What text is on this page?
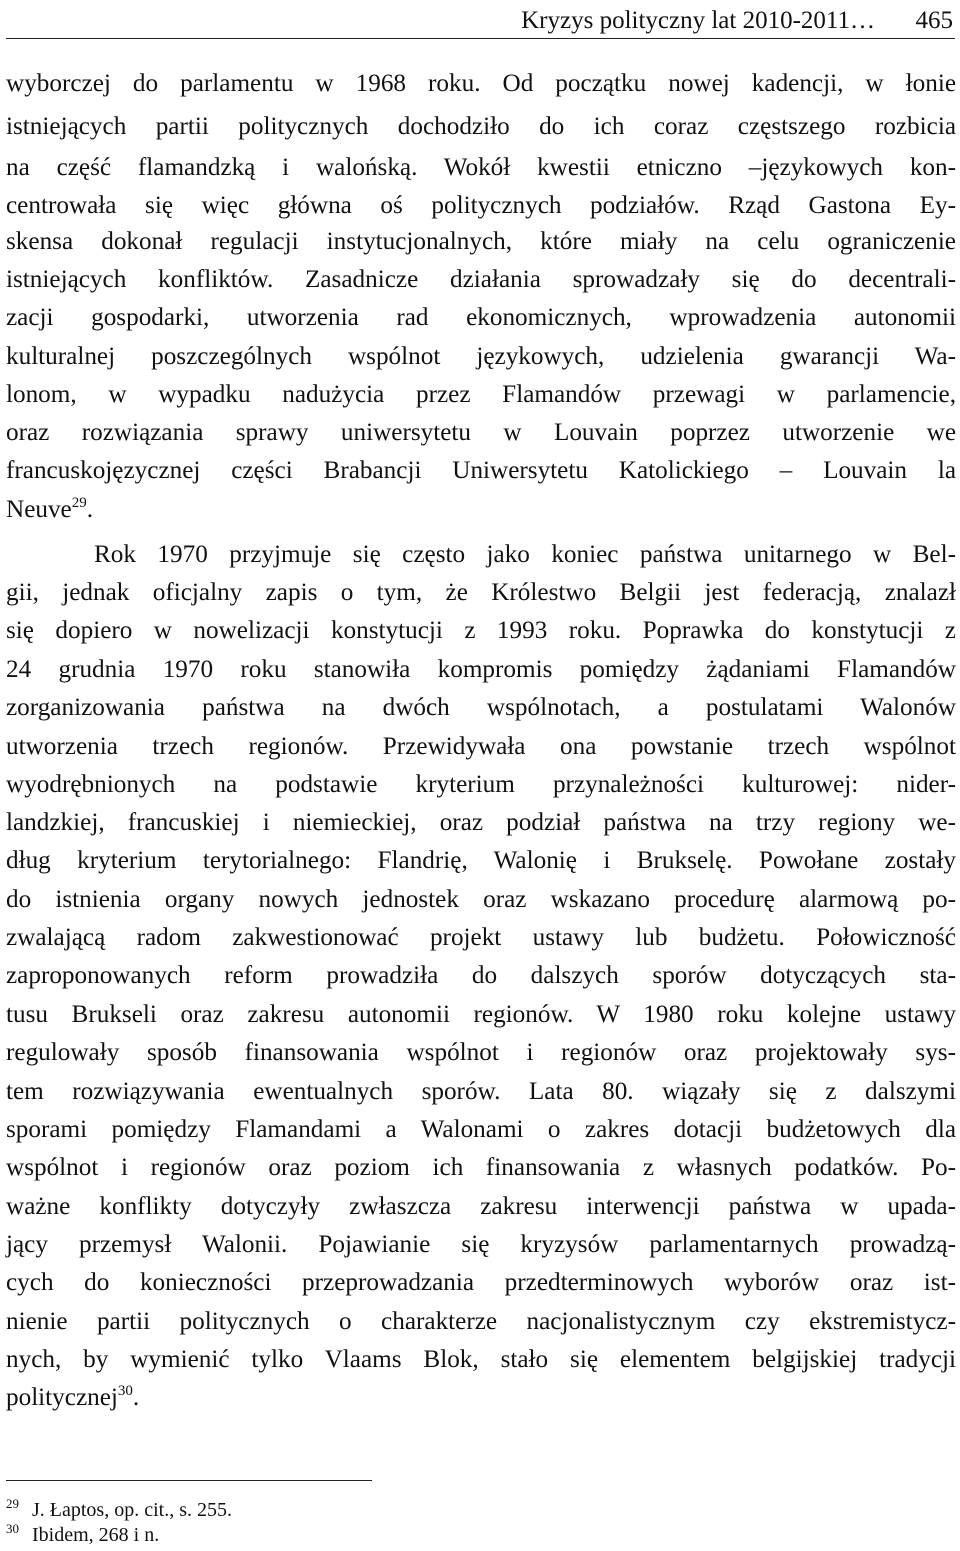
Kryzys polityczny lat 2010-2011… 465
wyborczej do parlamentu w 1968 roku. Od początku nowej kadencji, w łonie
istniejących partii politycznych dochodziło do ich coraz częstszego rozbicia
na część flamandzką i walońską. Wokół kwestii etniczno –językowych kon-
centrowała się więc główna oś politycznych podziałów. Rząd Gastona Ey-
skensa dokonał regulacji instytucjonalnych, które miały na celu ograniczenie
istniejących konfliktów. Zasadnicze działania sprowadzały się do decentrali-
zacji gospodarki, utworzenia rad ekonomicznych, wprowadzenia autonomii
kulturalnej poszczególnych wspólnot językowych, udzielenia gwarancji Wa-
lonom, w wypadku nadużycia przez Flamandów przewagi w parlamencie,
oraz rozwiązania sprawy uniwersytetu w Louvain poprzez utworzenie we
francuskojęzycznej części Brabancji Uniwersytetu Katolickiego – Louvain la
Neuve$^{29}$.
Rok 1970 przyjmuje się często jako koniec państwa unitarnego w Bel-
gii, jednak oficjalny zapis o tym, że Królestwo Belgii jest federacją, znalazł
się dopiero w nowelizacji konstytucji z 1993 roku. Poprawka do konstytucji z
24 grudnia 1970 roku stanowiła kompromis pomiędzy żądaniami Flamandów
zorganizowania państwa na dwóch wspólnotach, a postulatami Walonów
utworzenia trzech regionów. Przewidywała ona powstanie trzech wspólnot
wyodrębnionych na podstawie kryterium przynależności kulturowej: nider-
landzkiej, francuskiej i niemieckiej, oraz podział państwa na trzy regiony we-
dług kryterium terytorialnego: Flandrię, Walonię i Brukselę. Powołane zostały
do istnienia organy nowych jednostek oraz wskazano procedurę alarmową po-
zwalającą radom zakwestionować projekt ustawy lub budżetu. Połowiczność
zaproponowanych reform prowadziła do dalszych sporów dotyczących sta-
tusu Brukseli oraz zakresu autonomii regionów. W 1980 roku kolejne ustawy
regulowały sposób finansowania wspólnot i regionów oraz projektowały sys-
tem rozwiązywania ewentualnych sporów. Lata 80. wiązały się z dalszymi
sporami pomiędzy Flamandami a Walonami o zakres dotacji budżetowych dla
wspólnot i regionów oraz poziom ich finansowania z własnych podatków. Po-
ważne konflikty dotyczyły zwłaszcza zakresu interwencji państwa w upada-
jący przemysł Walonii. Pojawianie się kryzysów parlamentarnych prowadzą-
cych do konieczności przeprowadzania przedterminowych wyborów oraz ist-
nienie partii politycznych o charakterze nacjonalistycznym czy ekstremistycz-
nych, by wymienić tylko Vlaams Blok, stało się elementem belgijskiej tradycji
politycznej$^{30}$.
29 J. Łaptos, op. cit., s. 255.
30 Ibidem, 268 i n.
